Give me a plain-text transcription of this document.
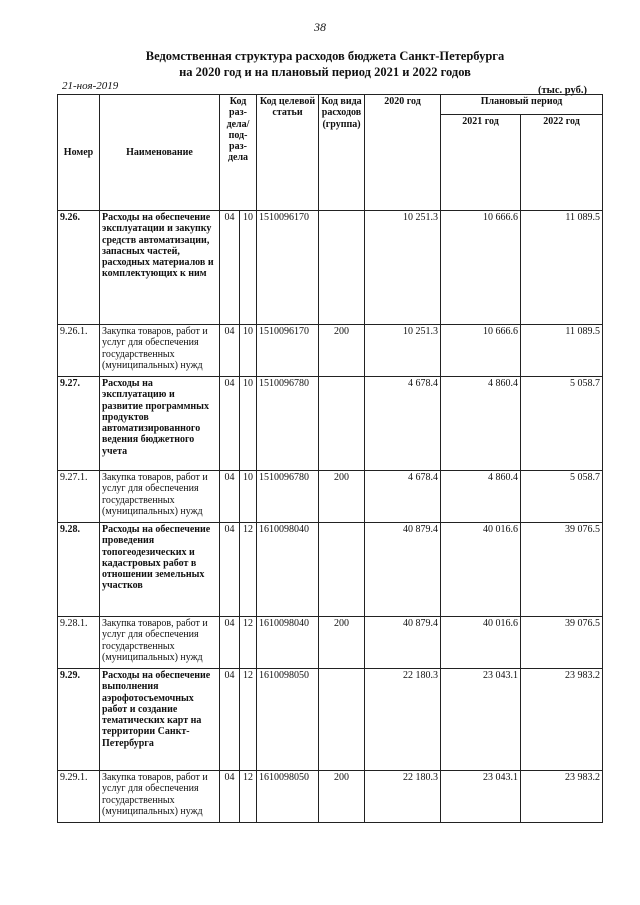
38
Ведомственная структура расходов бюджета Санкт-Петербурга
на 2020 год и на плановый период 2021 и 2022 годов
21-ноя-2019	(тыс. руб.)
Номер	Наименование	Код раз-дела/ под-раз-дела		Код целевой статьи	Код вида расходов (группа)	2020 год	Плановый период	
							2021 год	2022 год
9.26.	Расходы на обеспечение эксплуатации и закупку средств автоматизации, запасных частей, расходных материалов и комплектующих к ним	04	10	1510096170		10 251.3	10 666.6	11 089.5
9.26.1.	Закупка товаров, работ и услуг для обеспечения государственных (муниципальных) нужд	04	10	1510096170	200	10 251.3	10 666.6	11 089.5
9.27.	Расходы на эксплуатацию и развитие программных продуктов автоматизированного ведения бюджетного учета	04	10	1510096780		4 678.4	4 860.4	5 058.7
9.27.1.	Закупка товаров, работ и услуг для обеспечения государственных (муниципальных) нужд	04	10	1510096780	200	4 678.4	4 860.4	5 058.7
9.28.	Расходы на обеспечение проведения топогеодезических и кадастровых работ в отношении земельных участков	04	12	1610098040		40 879.4	40 016.6	39 076.5
9.28.1.	Закупка товаров, работ и услуг для обеспечения государственных (муниципальных) нужд	04	12	1610098040	200	40 879.4	40 016.6	39 076.5
9.29.	Расходы на обеспечение выполнения аэрофотосъемочных работ и создание тематических карт на территории Санкт-Петербурга	04	12	1610098050		22 180.3	23 043.1	23 983.2
9.29.1.	Закупка товаров, работ и услуг для обеспечения государственных (муниципальных) нужд	04	12	1610098050	200	22 180.3	23 043.1	23 983.2
